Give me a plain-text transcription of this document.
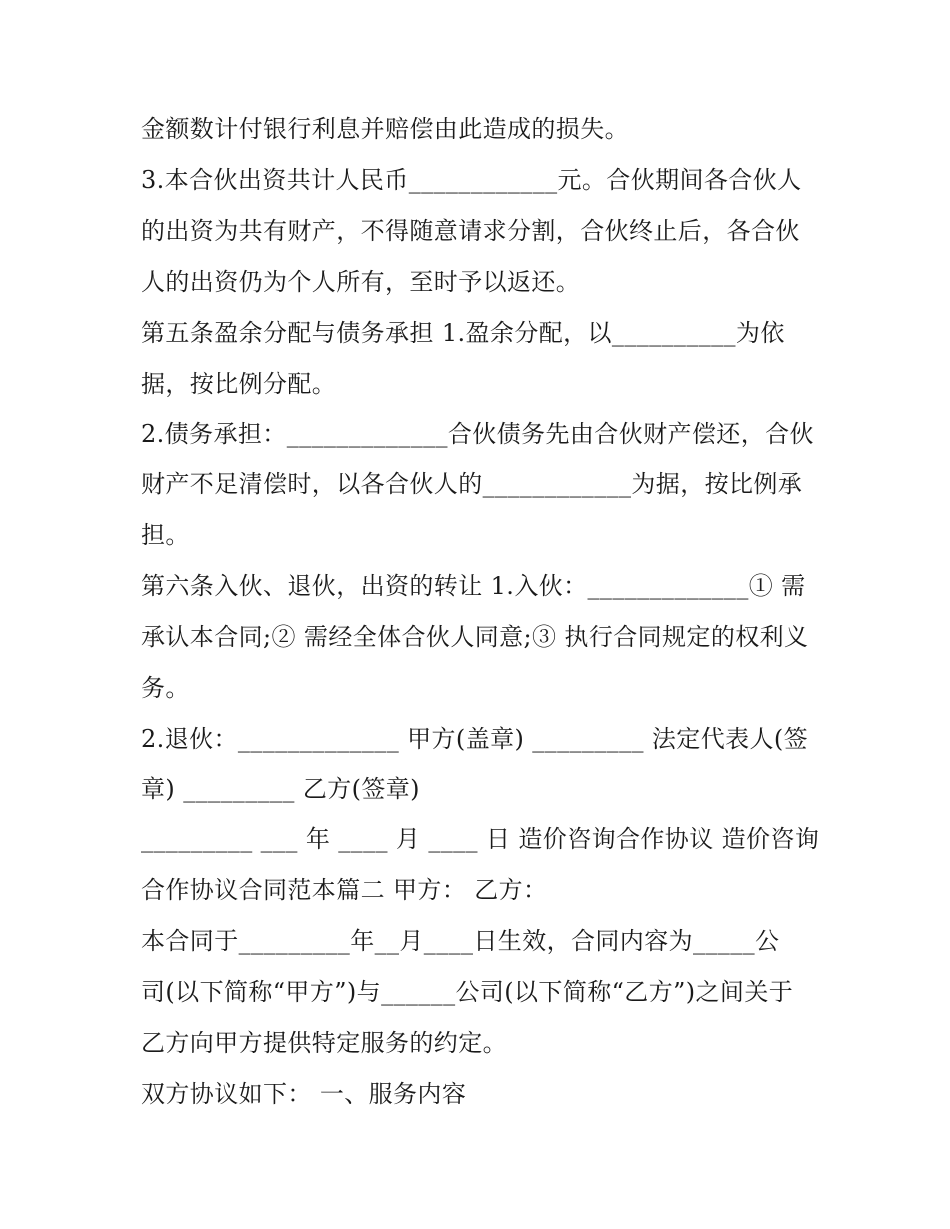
金额数计付银行利息并赔偿由此造成的损失。
3.本合伙出资共计人民币____________元。合伙期间各合伙人
的出资为共有财产，不得随意请求分割，合伙终止后，各合伙
人的出资仍为个人所有，至时予以返还。
第五条盈余分配与债务承担 1.盈余分配，以__________为依
据，按比例分配。
2.债务承担：_____________合伙债务先由合伙财产偿还，合伙
财产不足清偿时，以各合伙人的____________为据，按比例承
担。
第六条入伙、退伙，出资的转让 1.入伙：_____________① 需
承认本合同;② 需经全体合伙人同意;③ 执行合同规定的权利义
务。
2.退伙：_____________ 甲方(盖章) _________ 法定代表人(签
章) _________ 乙方(签章)
_________ ___ 年 ____ 月 ____ 日 造价咨询合作协议 造价咨询
合作协议合同范本篇二 甲方： 乙方：
本合同于_________年__月____日生效，合同内容为_____公
司(以下简称“甲方”)与______公司(以下简称“乙方”)之间关于
乙方向甲方提供特定服务的约定。
双方协议如下： 一、服务内容
